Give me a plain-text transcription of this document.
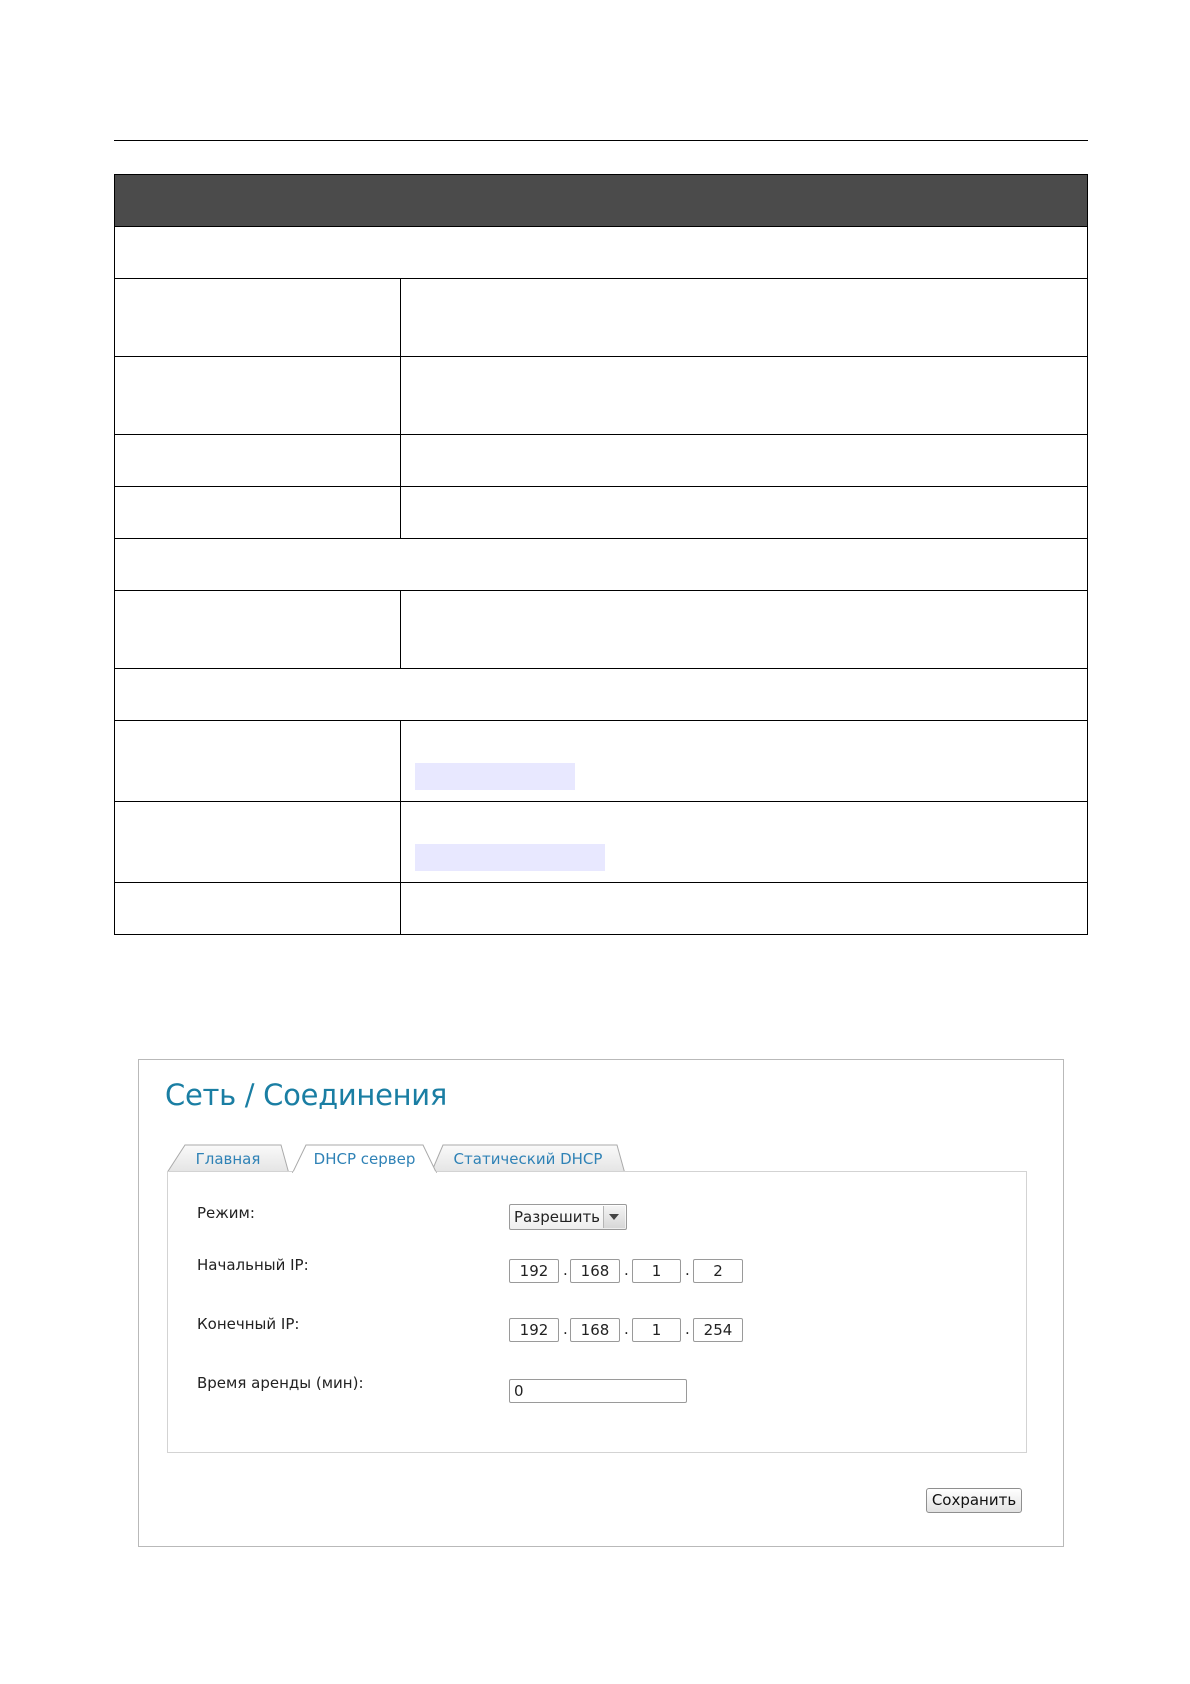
Сеть / Соединения
Главная	Статический DHCP
DHCP сервер
Режим:	Разрешить
Начальный IP:	192 . 168 .	1	.	2
Конечный IP:	192 . 168 .	1	. 254
Время аренды (мин):	0
Сохранить
